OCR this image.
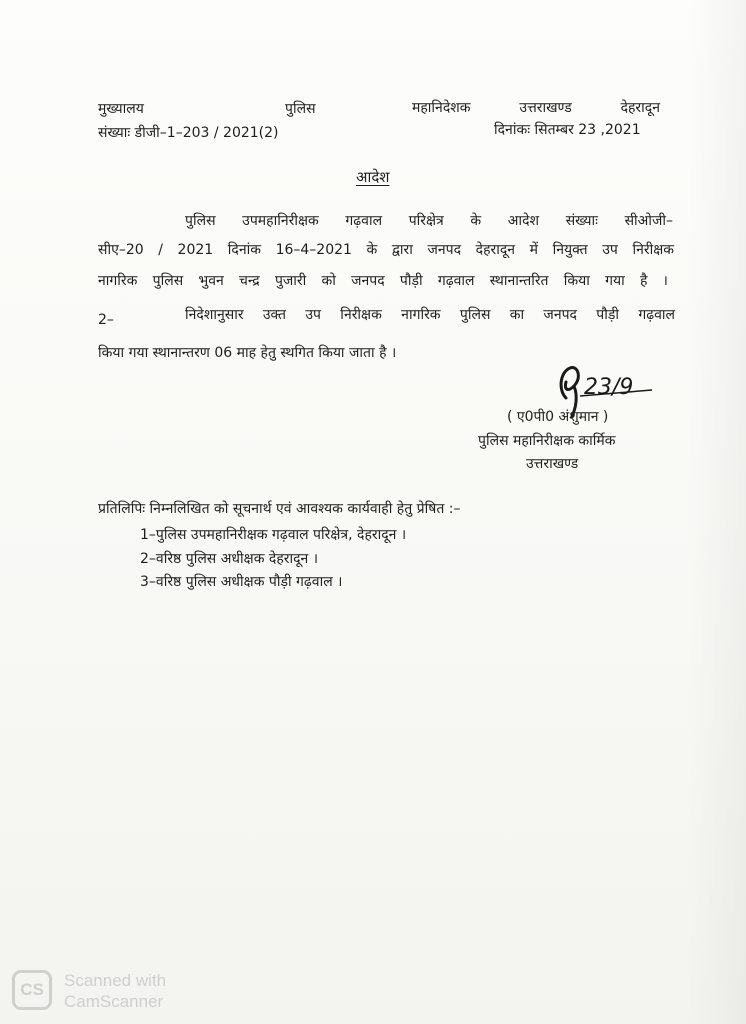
मुख्यालय	पुलिस	महानिदेशक उत्तराखण्ड देहरादून
संख्याः डीजी–1–203 / 2021(2)	दिनांकः सितम्बर 23 ,2021
आदेश
पुलिस उपमहानिरीक्षक गढ़वाल परिक्षेत्र के आदेश संख्याः सीओजी–
सीए–20 / 2021 दिनांक 16–4–2021 के द्वारा जनपद देहरादून में नियुक्त उप निरीक्षक
नागरिक पुलिस भुवन चन्द्र पुजारी को जनपद पौड़ी गढ़वाल स्थानान्तरित किया गया है ।
2–	निदेशानुसार उक्त उप निरीक्षक नागरिक पुलिस का जनपद पौड़ी गढ़वाल
किया गया स्थानान्तरण 06 माह हेतु स्थगित किया जाता है ।
23/9
( ए0पी0 अंशुमान )
पुलिस महानिरीक्षक कार्मिक
उत्तराखण्ड
प्रतिलिपिः निम्नलिखित को सूचनार्थ एवं आवश्यक कार्यवाही हेतु प्रेषित :–
1–पुलिस उपमहानिरीक्षक गढ़वाल परिक्षेत्र, देहरादून ।
2–वरिष्ठ पुलिस अधीक्षक देहरादून ।
3–वरिष्ठ पुलिस अधीक्षक पौड़ी गढ़वाल ।
CS	Scanned with
CamScanner
